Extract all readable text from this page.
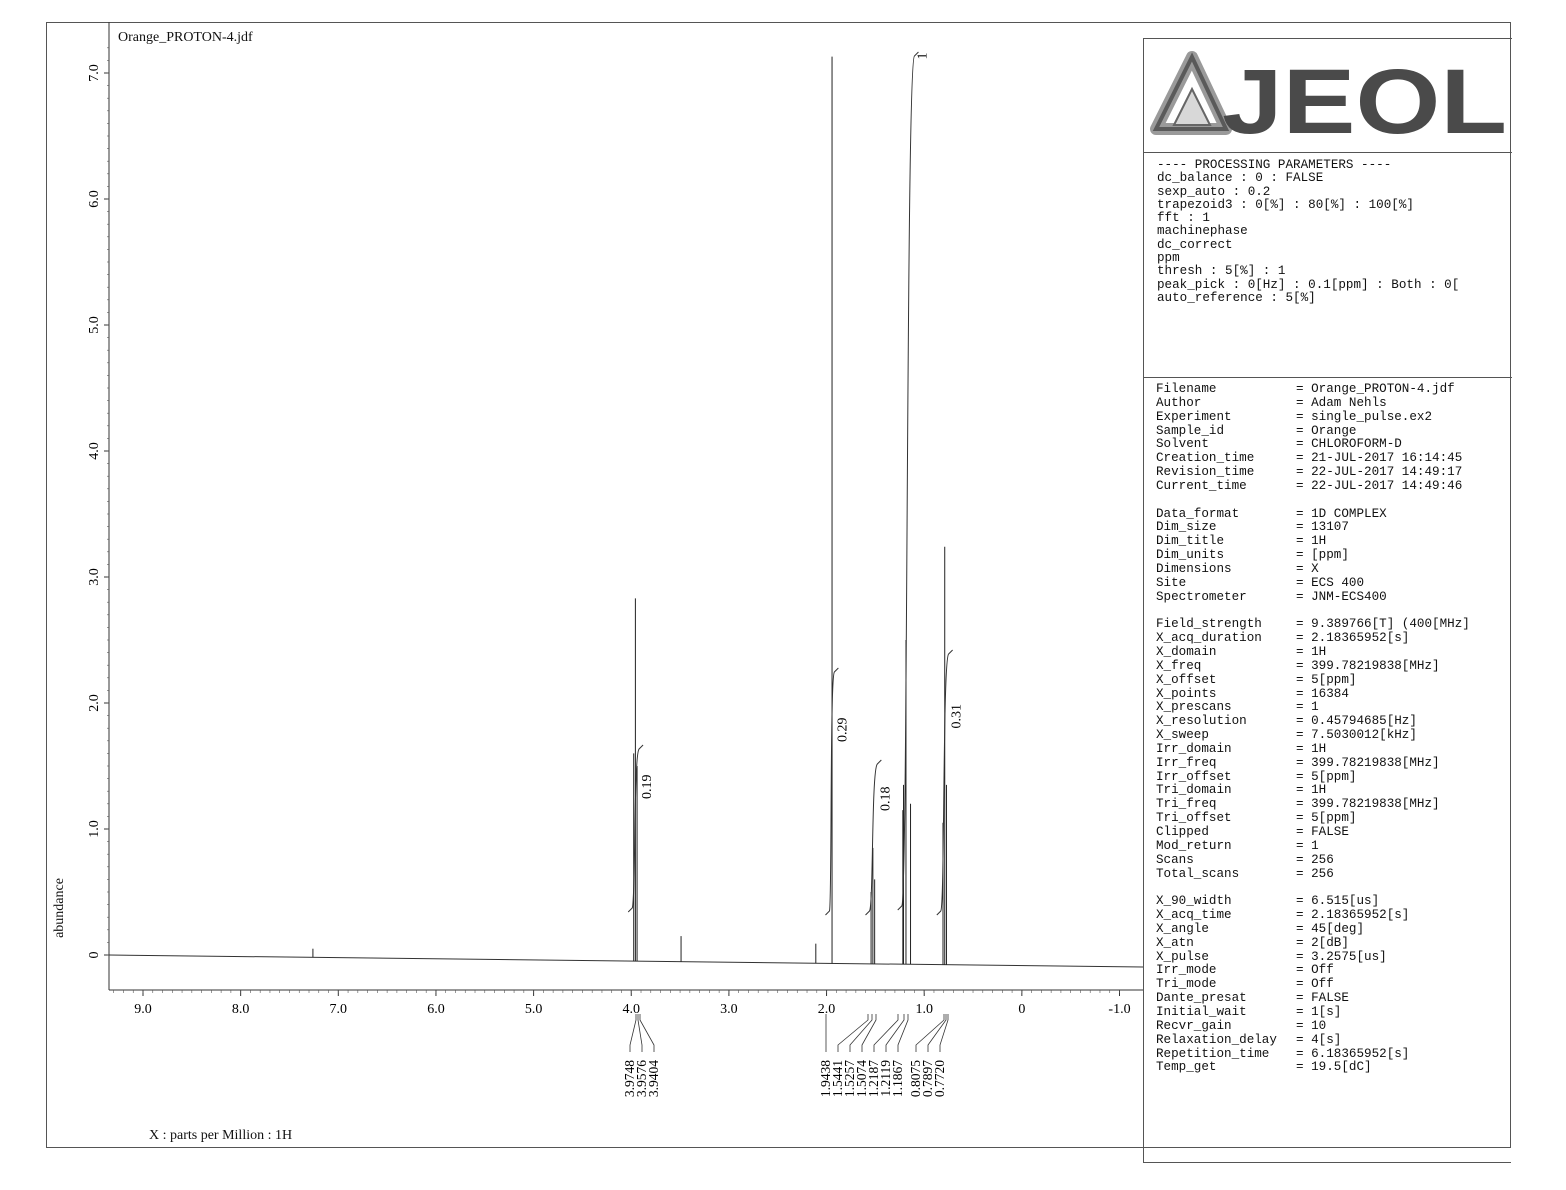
0
1.0
2.0
3.0
4.0
5.0
6.0
7.0
9.0	8.0	7.0	6.0	5.0	4.0	3.0	2.0	1.0	0	-1.0
0.19
0.29
0.18
1
0.31
3.9748
3.9576
3.9404	1.9438
1.5441
1.5257
1.5074
1.2187
1.2119
1.1867 0.8075
0.7897
0.7720
Orange_PROTON-4.jdf
X : parts per Million : 1H
abundance
JEOL
---- PROCESSING PARAMETERS ----
dc_balance : 0 : FALSE
sexp_auto : 0.2
trapezoid3 : 0[%] : 80[%] : 100[%]
fft : 1
machinephase
dc_correct
ppm
thresh : 5[%] : 1
peak_pick : 0[Hz] : 0.1[ppm] : Both : 0[
auto_reference : 5[%]
Filename	= Orange_PROTON-4.jdf
Author	= Adam Nehls
Experiment	= single_pulse.ex2
Sample_id	= Orange
Solvent	= CHLOROFORM-D
Creation_time	= 21-JUL-2017 16:14:45
Revision_time	= 22-JUL-2017 14:49:17
Current_time	= 22-JUL-2017 14:49:46
Data_format	= 1D COMPLEX
Dim_size	= 13107
Dim_title	= 1H
Dim_units	= [ppm]
Dimensions	= X
Site	= ECS 400
Spectrometer	= JNM-ECS400
Field_strength	= 9.389766[T] (400[MHz]
X_acq_duration	= 2.18365952[s]
X_domain	= 1H
X_freq	= 399.78219838[MHz]
X_offset	= 5[ppm]
X_points	= 16384
X_prescans	= 1
X_resolution	= 0.45794685[Hz]
X_sweep	= 7.5030012[kHz]
Irr_domain	= 1H
Irr_freq	= 399.78219838[MHz]
Irr_offset	= 5[ppm]
Tri_domain	= 1H
Tri_freq	= 399.78219838[MHz]
Tri_offset	= 5[ppm]
Clipped	= FALSE
Mod_return	= 1
Scans	= 256
Total_scans	= 256
X_90_width	= 6.515[us]
X_acq_time	= 2.18365952[s]
X_angle	= 45[deg]
X_atn	= 2[dB]
X_pulse	= 3.2575[us]
Irr_mode	= Off
Tri_mode	= Off
Dante_presat	= FALSE
Initial_wait	= 1[s]
Recvr_gain	= 10
Relaxation_delay	= 4[s]
Repetition_time	= 6.18365952[s]
Temp_get	= 19.5[dC]
